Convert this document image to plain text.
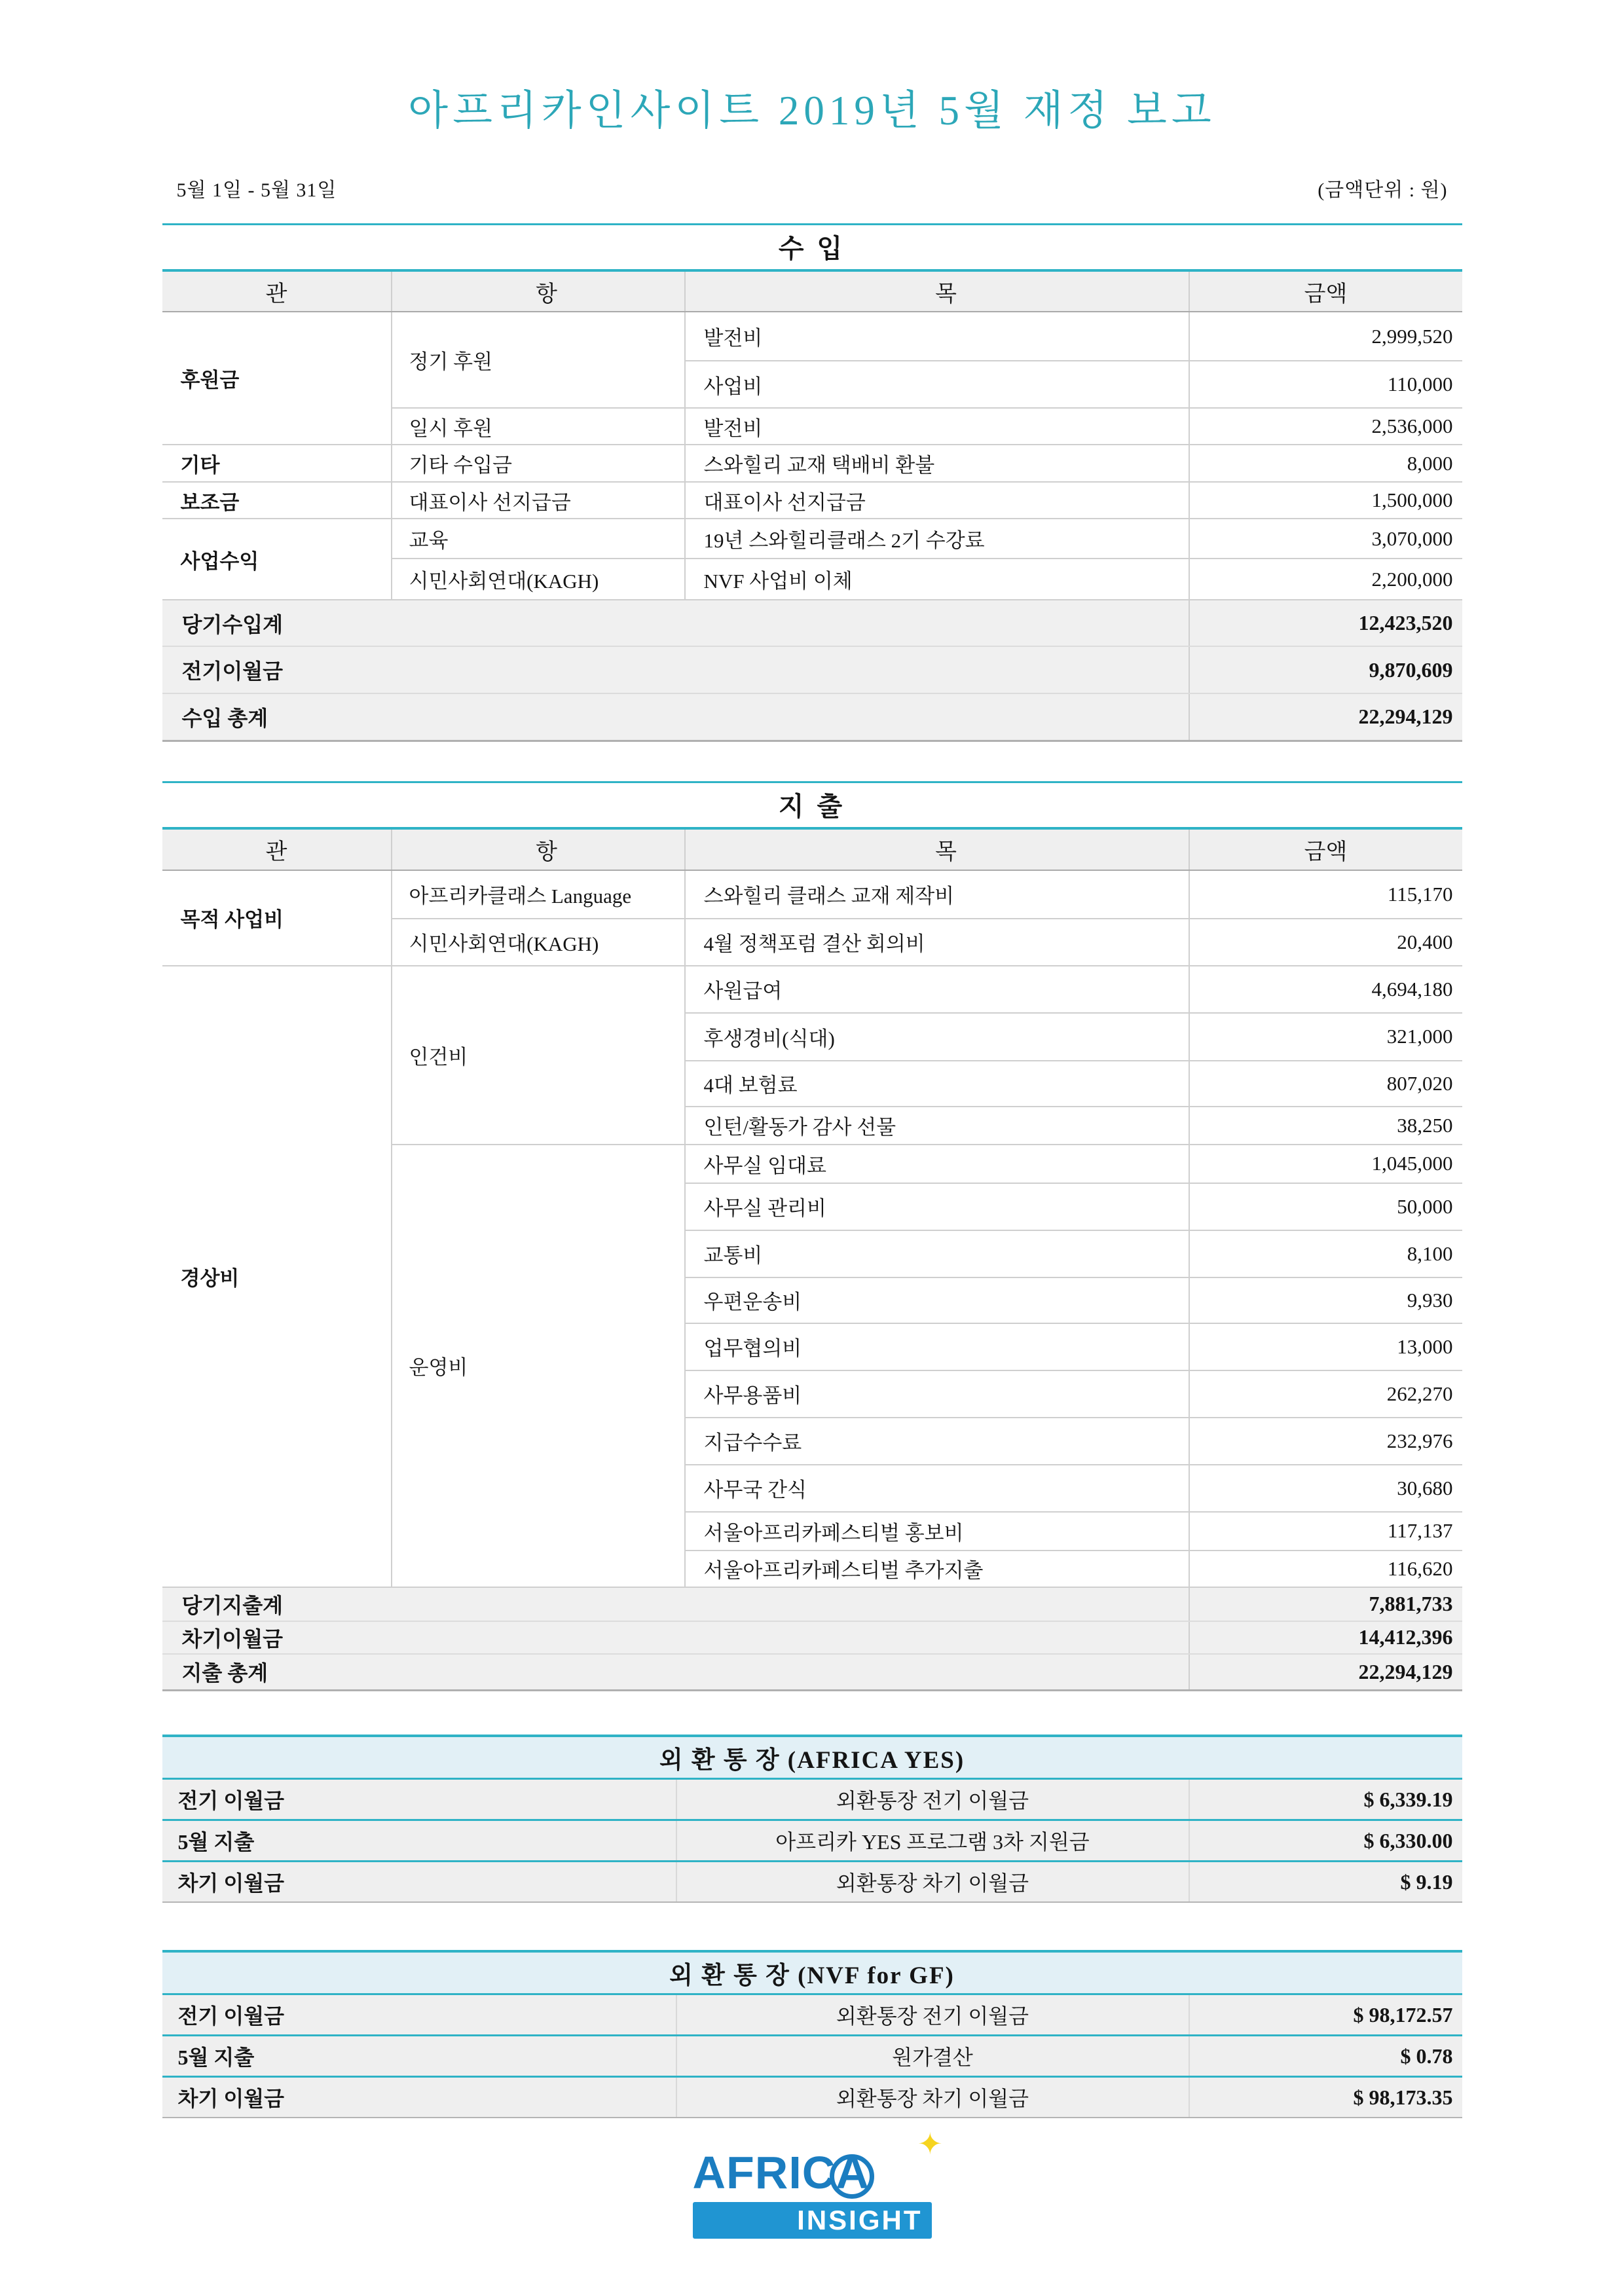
아프리카인사이트 2019년 5월 재정 보고
5월 1일 - 5월 31일	(금액단위 : 원)
수 입
관	항	목	금액
후원금	정기 후원	발전비	2,999,520
		사업비	110,000
	일시 후원	발전비	2,536,000
기타	기타 수입금	스와힐리 교재 택배비 환불	8,000
보조금	대표이사 선지급금	대표이사 선지급금	1,500,000
사업수익	교육	19년 스와힐리클래스 2기 수강료	3,070,000
	시민사회연대(KAGH)	NVF 사업비 이체	2,200,000
당기수입계			12,423,520
전기이월금			9,870,609
수입 총계			22,294,129
지 출
관	항	목	금액
목적 사업비	아프리카클래스 Language	스와힐리 클래스 교재 제작비	115,170
	시민사회연대(KAGH)	4월 정책포럼 결산 회의비	20,400
경상비	인건비	사원급여	4,694,180
		후생경비(식대)	321,000
		4대 보험료	807,020
		인턴/활동가 감사 선물	38,250
	운영비	사무실 임대료	1,045,000
		사무실 관리비	50,000
		교통비	8,100
		우편운송비	9,930
		업무협의비	13,000
		사무용품비	262,270
		지급수수료	232,976
		사무국 간식	30,680
		서울아프리카페스티벌 홍보비	117,137
		서울아프리카페스티벌 추가지출	116,620
당기지출계			7,881,733
차기이월금			14,412,396
지출 총계			22,294,129
외 환 통 장 (AFRICA YES)		
전기 이월금	외환통장 전기 이월금	$ 6,339.19
5월 지출	아프리카 YES 프로그램 3차 지원금	$ 6,330.00
차기 이월금	외환통장 차기 이월금	$ 9.19
외 환 통 장 (NVF for GF)		
전기 이월금	외환통장 전기 이월금	$ 98,172.57
5월 지출	원가결산	$ 0.78
차기 이월금	외환통장 차기 이월금	$ 98,173.35
AFRICA
✦
INSIGHT
